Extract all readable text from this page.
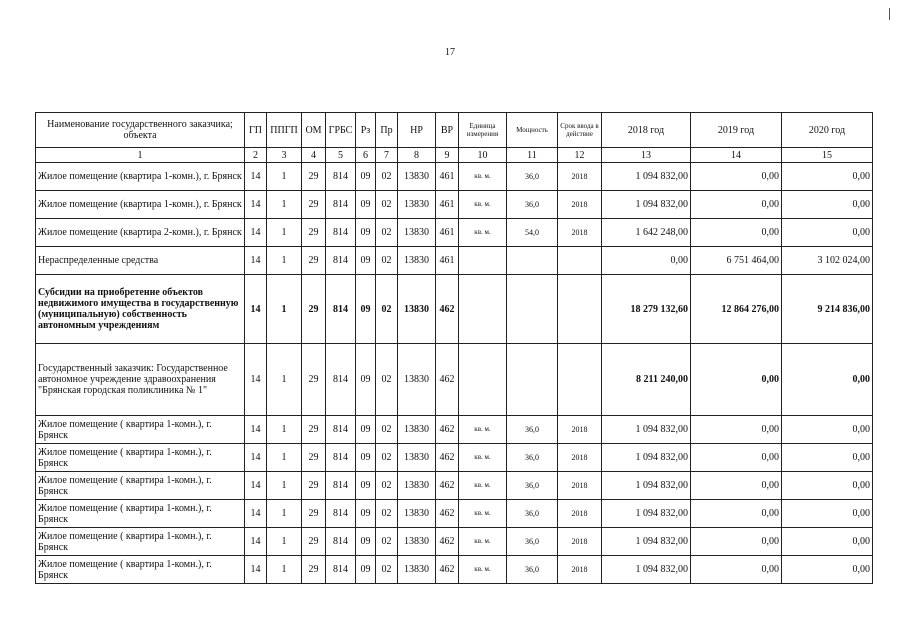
17
Наименование государственного заказчика; объекта	ГП	ППГП	ОМ	ГРБС	Рз	Пр	НР	ВР	Единица измерения	Мощность	Срок ввода в действие	2018 год	2019 год	2020 год
1	2	3	4	5	6	7	8	9	10	11	12	13	14	15
Жилое помещение (квартира 1-комн.), г. Брянск	14	1	29	814	09	02	13830	461	кв. м.	36,0	2018	1 094 832,00	0,00	0,00
Жилое помещение (квартира 1-комн.), г. Брянск	14	1	29	814	09	02	13830	461	кв. м.	36,0	2018	1 094 832,00	0,00	0,00
Жилое помещение (квартира 2-комн.), г. Брянск	14	1	29	814	09	02	13830	461	кв. м.	54,0	2018	1 642 248,00	0,00	0,00
Нераспределенные средства	14	1	29	814	09	02	13830	461				0,00	6 751 464,00	3 102 024,00
Субсидии на приобретение объектов недвижимого имущества в государственную (муниципальную) собственность автономным учреждениям	14	1	29	814	09	02	13830	462				18 279 132,60	12 864 276,00	9 214 836,00
Государственный заказчик: Государственное автономное учреждение здравоохранения "Брянская городская поликлиника № 1"	14	1	29	814	09	02	13830	462				8 211 240,00	0,00	0,00
Жилое помещение ( квартира 1-комн.), г. Брянск	14	1	29	814	09	02	13830	462	кв. м.	36,0	2018	1 094 832,00	0,00	0,00
Жилое помещение ( квартира 1-комн.), г. Брянск	14	1	29	814	09	02	13830	462	кв. м.	36,0	2018	1 094 832,00	0,00	0,00
Жилое помещение ( квартира 1-комн.), г. Брянск	14	1	29	814	09	02	13830	462	кв. м.	36,0	2018	1 094 832,00	0,00	0,00
Жилое помещение ( квартира 1-комн.), г. Брянск	14	1	29	814	09	02	13830	462	кв. м.	36,0	2018	1 094 832,00	0,00	0,00
Жилое помещение ( квартира 1-комн.), г. Брянск	14	1	29	814	09	02	13830	462	кв. м.	36,0	2018	1 094 832,00	0,00	0,00
Жилое помещение ( квартира 1-комн.), г. Брянск	14	1	29	814	09	02	13830	462	кв. м.	36,0	2018	1 094 832,00	0,00	0,00
